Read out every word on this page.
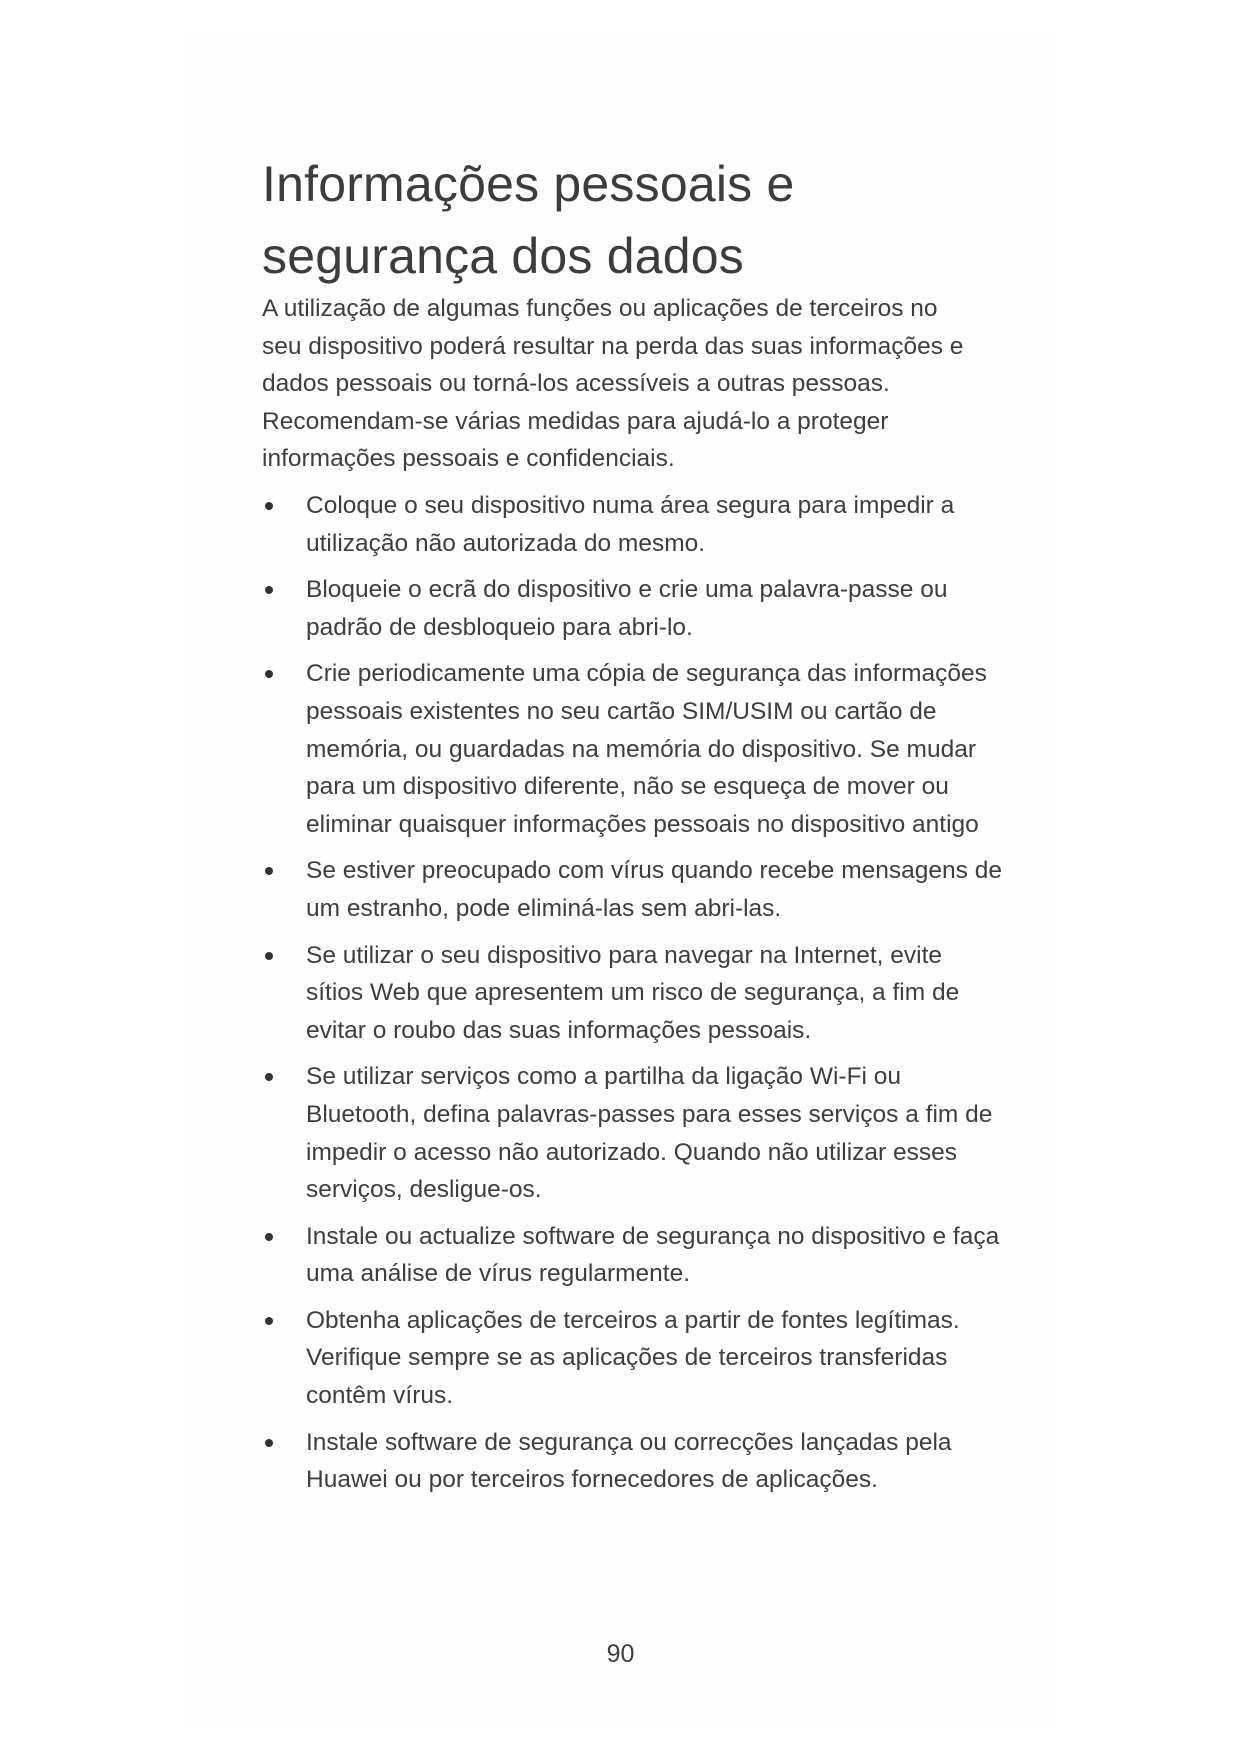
Informações pessoais e segurança dos dados

A utilização de algumas funções ou aplicações de terceiros no seu dispositivo poderá resultar na perda das suas informações e dados pessoais ou torná-los acessíveis a outras pessoas. Recomendam-se várias medidas para ajudá-lo a proteger informações pessoais e confidenciais.

Coloque o seu dispositivo numa área segura para impedir a utilização não autorizada do mesmo.
Bloqueie o ecrã do dispositivo e crie uma palavra-passe ou padrão de desbloqueio para abri-lo.
Crie periodicamente uma cópia de segurança das informações pessoais existentes no seu cartão SIM/USIM ou cartão de memória, ou guardadas na memória do dispositivo. Se mudar para um dispositivo diferente, não se esqueça de mover ou eliminar quaisquer informações pessoais no dispositivo antigo
Se estiver preocupado com vírus quando recebe mensagens de um estranho, pode eliminá-las sem abri-las.
Se utilizar o seu dispositivo para navegar na Internet, evite sítios Web que apresentem um risco de segurança, a fim de evitar o roubo das suas informações pessoais.
Se utilizar serviços como a partilha da ligação Wi-Fi ou Bluetooth, defina palavras-passes para esses serviços a fim de impedir o acesso não autorizado. Quando não utilizar esses serviços, desligue-os.
Instale ou actualize software de segurança no dispositivo e faça uma análise de vírus regularmente.
Obtenha aplicações de terceiros a partir de fontes legítimas. Verifique sempre se as aplicações de terceiros transferidas contêm vírus.
Instale software de segurança ou correcções lançadas pela Huawei ou por terceiros fornecedores de aplicações.
90
